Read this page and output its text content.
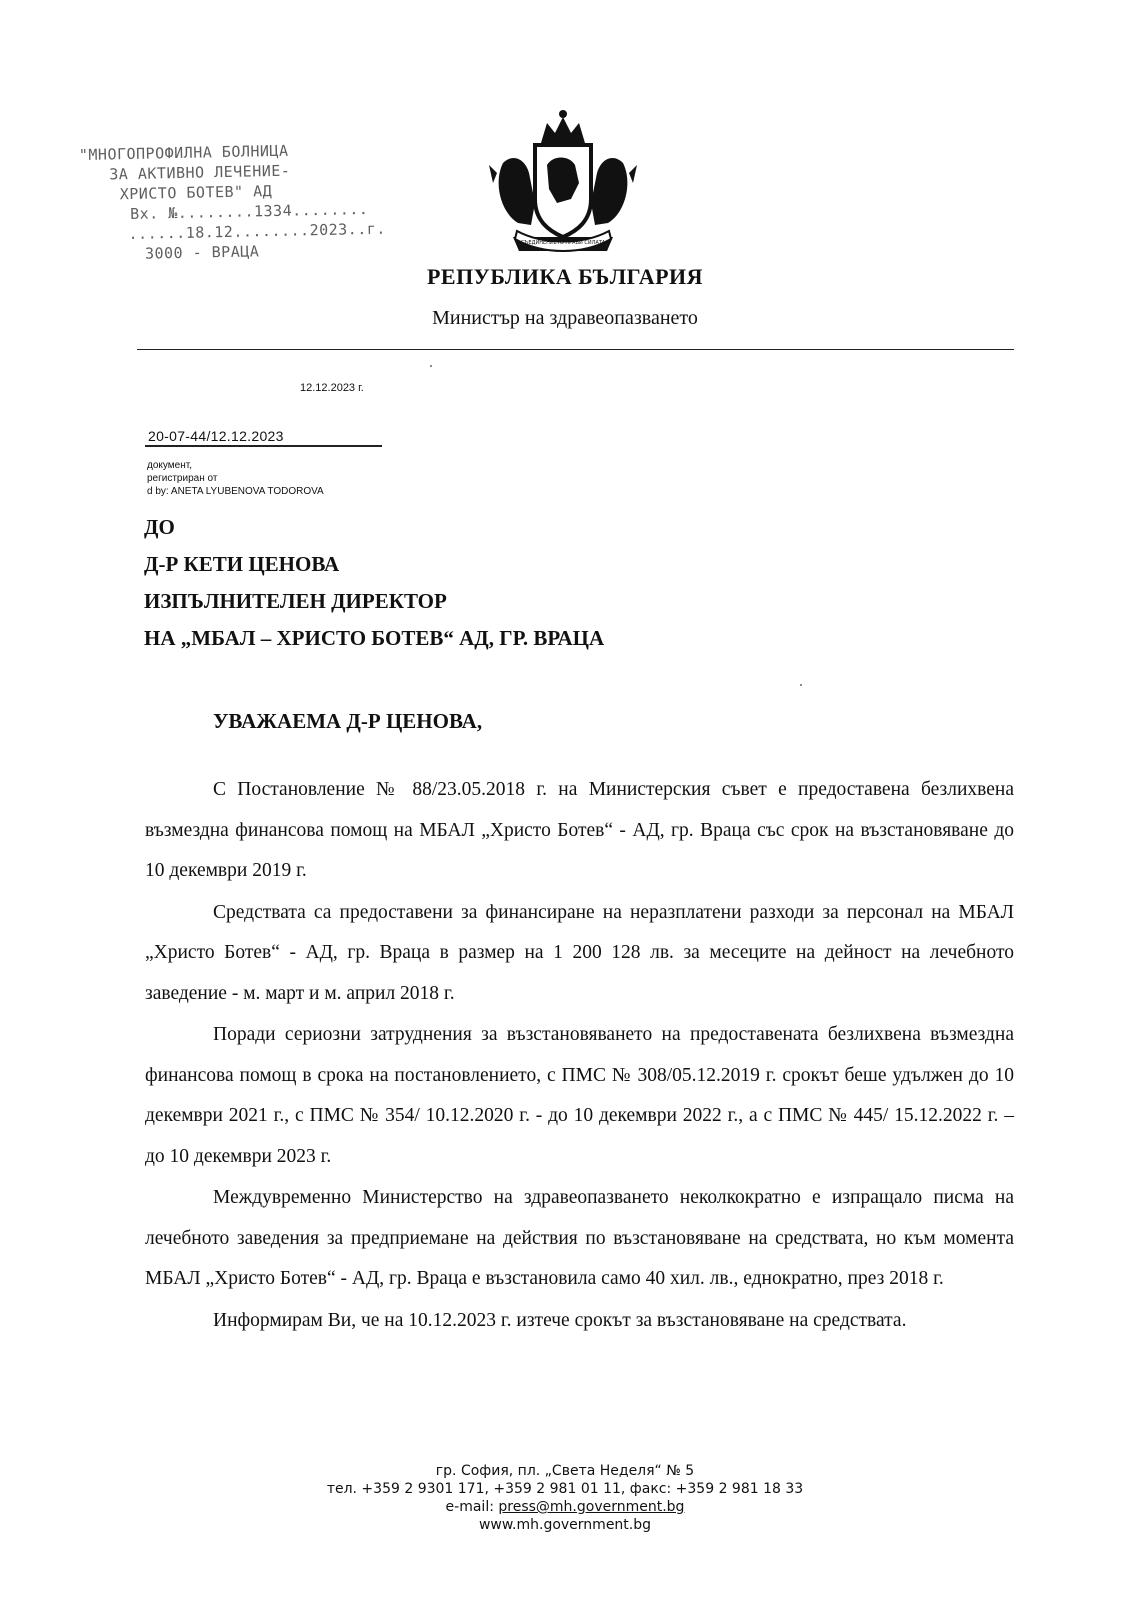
"МНОГОПРОФИЛНА БОЛНИЦА
ЗА АКТИВНО ЛЕЧЕНИЕ-
ХРИСТО БОТЕВ" АД
Вх. №........1334........
......18.12........2023..г.
3000 - ВРАЦА	СЪЕДИНЕНИЕТО ПРАВИ СИЛАТА
РЕПУБЛИКА БЪЛГАРИЯ
Министър на здравеопазването
12.12.2023 г.
20-07-44/12.12.2023
документ,
регистриран от
d by: ANETA LYUBENOVA TODOROVA
ДО
Д-Р КЕТИ ЦЕНОВА
ИЗПЪЛНИТЕЛЕН ДИРЕКТОР
НА „МБАЛ – ХРИСТО БОТЕВ“ АД, ГР. ВРАЦА
УВАЖАЕМА Д-Р ЦЕНОВА,

С Постановление № 88/23.05.2018 г. на Министерския съвет е предоставена безлихвена възмездна финансова помощ на МБАЛ „Христо Ботев“ - АД, гр. Враца със срок на възстановяване до 10 декември 2019 г.

Средствата са предоставени за финансиране на неразплатени разходи за персонал на МБАЛ „Христо Ботев“ - АД, гр. Враца в размер на 1 200 128 лв. за месеците на дейност на лечебното заведение - м. март и м. април 2018 г.

Поради сериозни затруднения за възстановяването на предоставената безлихвена възмездна финансова помощ в срока на постановлението, с ПМС № 308/05.12.2019 г. срокът беше удължен до 10 декември 2021 г., с ПМС № 354/ 10.12.2020 г. - до 10 декември 2022 г., а с ПМС № 445/ 15.12.2022 г. – до 10 декември 2023 г.

Междувременно Министерство на здравеопазването неколкократно е изпращало писма на лечебното заведения за предприемане на действия по възстановяване на средствата, но към момента МБАЛ „Христо Ботев“ - АД, гр. Враца е възстановила само 40 хил. лв., еднократно, през 2018 г.

Информирам Ви, че на 10.12.2023 г. изтече срокът за възстановяване на средствата.

гр. София, пл. „Света Неделя“ № 5
тел. +359 2 9301 171, +359 2 981 01 11, факс: +359 2 981 18 33
e-mail: press@mh.government.bg
www.mh.government.bg
